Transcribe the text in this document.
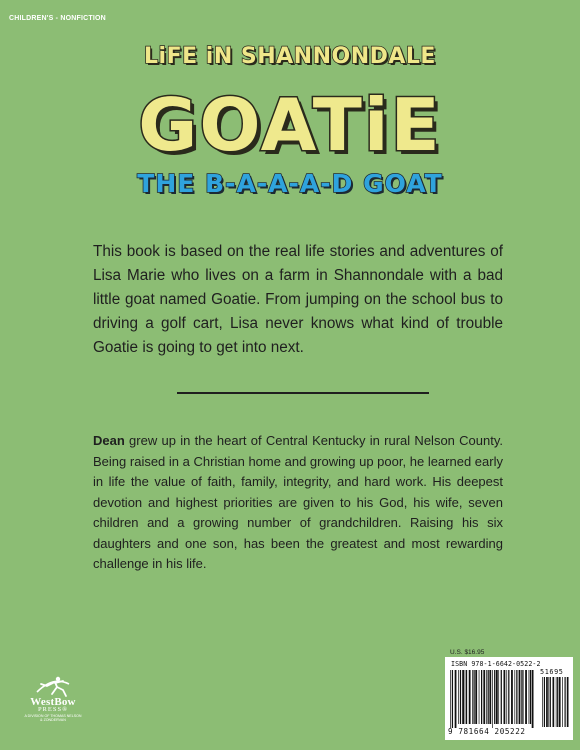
CHILDREN'S - NONFICTION
LiFE iN SHANNONDALE
GOATiE
THE B-A-A-A-D GOAT
This book is based on the real life stories and adventures of Lisa Marie who lives on a farm in Shannondale with a bad little goat named Goatie. From jumping on the school bus to driving a golf cart, Lisa never knows what kind of trouble Goatie is going to get into next.
Dean grew up in the heart of Central Kentucky in rural Nelson County. Being raised in a Christian home and growing up poor, he learned early in life the value of faith, family, integrity, and hard work. His deepest devotion and highest priorities are given to his God, his wife, seven children and a growing number of grandchildren. Raising his six daughters and one son, has been the greatest and most rewarding challenge in his life.
WestBow
PRESS®
A DIVISION OF THOMAS NELSON
& ZONDERVAN
U.S. $16.95
ISBN 978-1-6642-0522-2
51695
9 781664 205222
